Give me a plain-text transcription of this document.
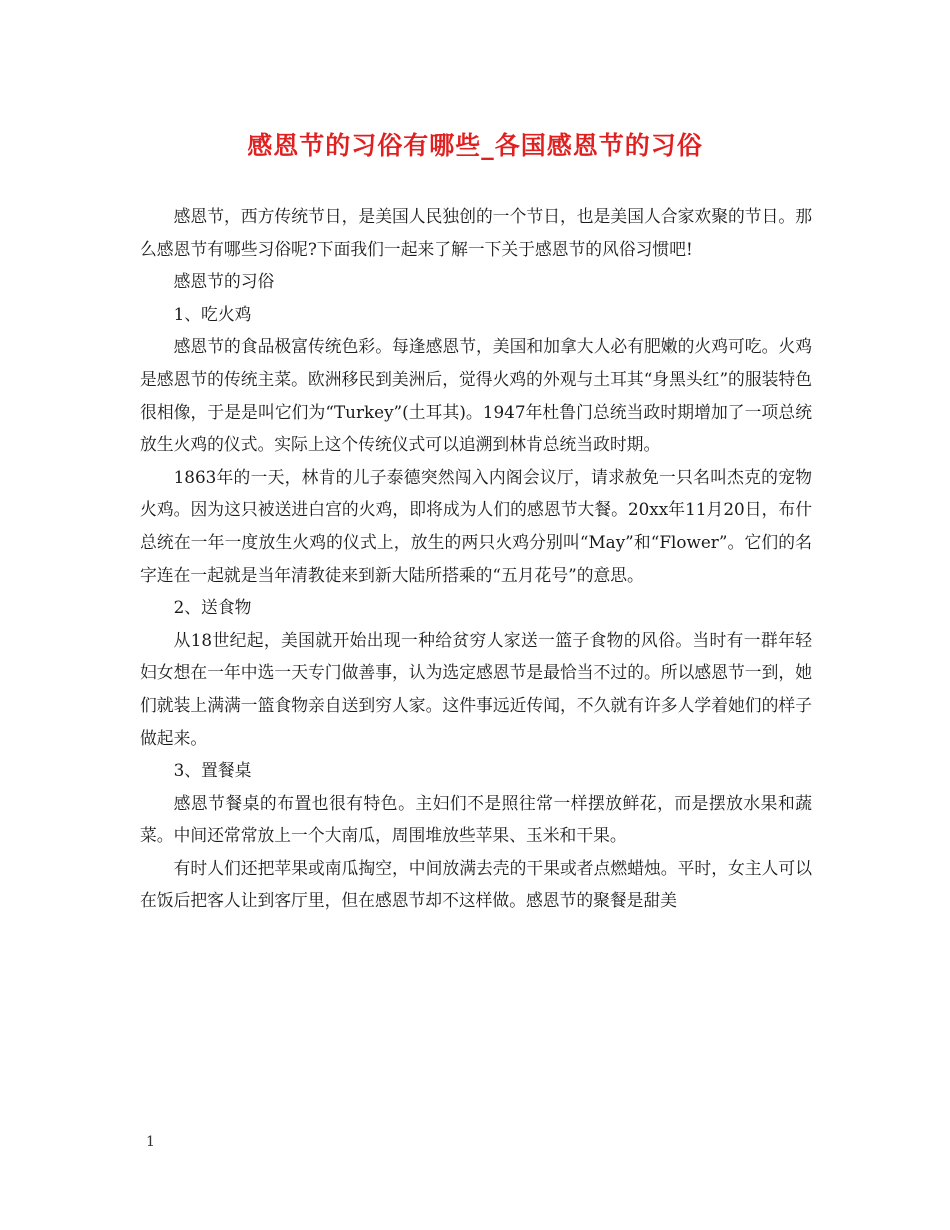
感恩节的习俗有哪些_各国感恩节的习俗

感恩节，西方传统节日，是美国人民独创的一个节日，也是美国人合家欢聚的节日。那么感恩节有哪些习俗呢?下面我们一起来了解一下关于感恩节的风俗习惯吧!

感恩节的习俗

1、吃火鸡

感恩节的食品极富传统色彩。每逢感恩节，美国和加拿大人必有肥嫩的火鸡可吃。火鸡是感恩节的传统主菜。欧洲移民到美洲后，觉得火鸡的外观与土耳其“身黑头红”的服装特色很相像，于是是叫它们为“Turkey”(土耳其)。1947年杜鲁门总统当政时期增加了一项总统放生火鸡的仪式。实际上这个传统仪式可以追溯到林肯总统当政时期。

1863年的一天，林肯的儿子泰德突然闯入内阁会议厅，请求赦免一只名叫杰克的宠物火鸡。因为这只被送进白宫的火鸡，即将成为人们的感恩节大餐。20xx年11月20日，布什总统在一年一度放生火鸡的仪式上，放生的两只火鸡分别叫“May”和“Flower”。它们的名字连在一起就是当年清教徒来到新大陆所搭乘的“五月花号”的意思。

2、送食物

从18世纪起，美国就开始出现一种给贫穷人家送一篮子食物的风俗。当时有一群年轻妇女想在一年中选一天专门做善事，认为选定感恩节是最恰当不过的。所以感恩节一到，她们就装上满满一篮食物亲自送到穷人家。这件事远近传闻，不久就有许多人学着她们的样子做起来。

3、置餐桌

感恩节餐桌的布置也很有特色。主妇们不是照往常一样摆放鲜花，而是摆放水果和蔬菜。中间还常常放上一个大南瓜，周围堆放些苹果、玉米和干果。

有时人们还把苹果或南瓜掏空，中间放满去壳的干果或者点燃蜡烛。平时，女主人可以在饭后把客人让到客厅里，但在感恩节却不这样做。感恩节的聚餐是甜美

1
